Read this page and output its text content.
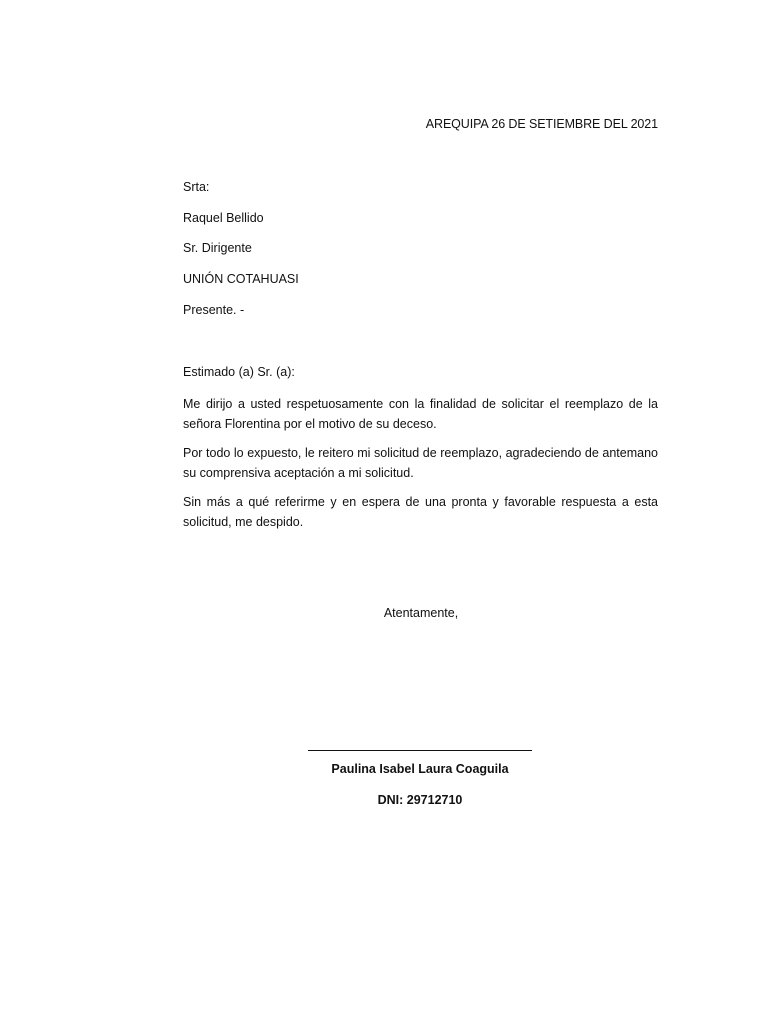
AREQUIPA 26 DE SETIEMBRE DEL 2021
Srta:
Raquel Bellido
Sr. Dirigente
UNIÓN COTAHUASI
Presente. -
Estimado (a) Sr. (a):
Me dirijo a usted respetuosamente con la finalidad de solicitar el reemplazo de la señora Florentina por el motivo de su deceso.
Por todo lo expuesto, le reitero mi solicitud de reemplazo, agradeciendo de antemano su comprensiva aceptación a mi solicitud.
Sin más a qué referirme y en espera de una pronta y favorable respuesta a esta solicitud, me despido.
Atentamente,
Paulina Isabel Laura Coaguila
DNI: 29712710
